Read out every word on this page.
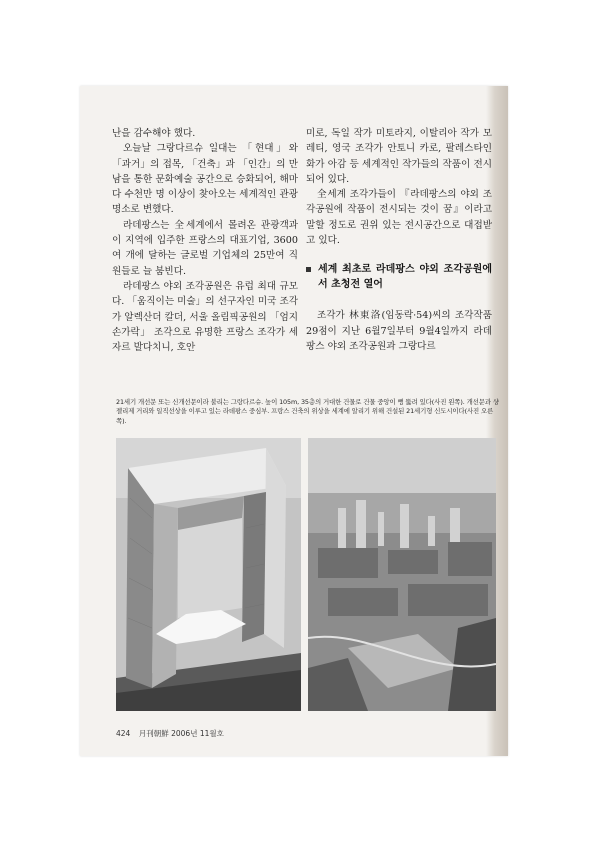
난을 감수해야 했다.

오늘날 그랑다르슈 일대는 「현대」와 「과거」의 접목, 「건축」과 「인간」의 만남을 통한 문화예술 공간으로 승화되어, 해마다 수천만 명 이상이 찾아오는 세계적인 관광명소로 변했다.

라데팡스는 全세계에서 몰려온 관광객과 이 지역에 입주한 프랑스의 대표기업, 3600여 개에 달하는 글로벌 기업체의 25만여 직원들로 늘 붐빈다.

라데팡스 야외 조각공원은 유럽 최대 규모다. 「움직이는 미술」의 선구자인 미국 조각가 알렉산더 칼더, 서울 올림픽공원의 「엄지손가락」 조각으로 유명한 프랑스 조각가 세자르 발다치니, 호안

미로, 독일 작가 미토라지, 이탈리아 작가 모레티, 영국 조각가 안토니 카로, 팔레스타인 화가 아감 등 세계적인 작가들의 작품이 전시되어 있다.

全세계 조각가들이 『라데팡스의 야외 조각공원에 작품이 전시되는 것이 꿈』이라고 말할 정도로 권위 있는 전시공간으로 대접받고 있다.

세계 최초로 라데팡스 야외 조각공원에서 초청전 열어

조각가 林東洛(임동락·54)씨의 조각작품 29점이 지난 6월7일부터 9월4일까지 라데팡스 야외 조각공원과 그랑다르

21세기 개선문 또는 신개선문이라 불리는 그랑다르슈. 높이 105m, 35층의 거대한 건물로 건물 중앙이 뻥 뚫려 있다(사진 왼쪽). 개선문과 샹젤리제 거리와 일직선상을 이루고 있는 라데팡스 중심부. 프랑스 건축의 위상을 세계에 알리기 위해 건설된 21세기형 신도시이다(사진 오른쪽).
424 月刊朝鮮 2006년 11월호
